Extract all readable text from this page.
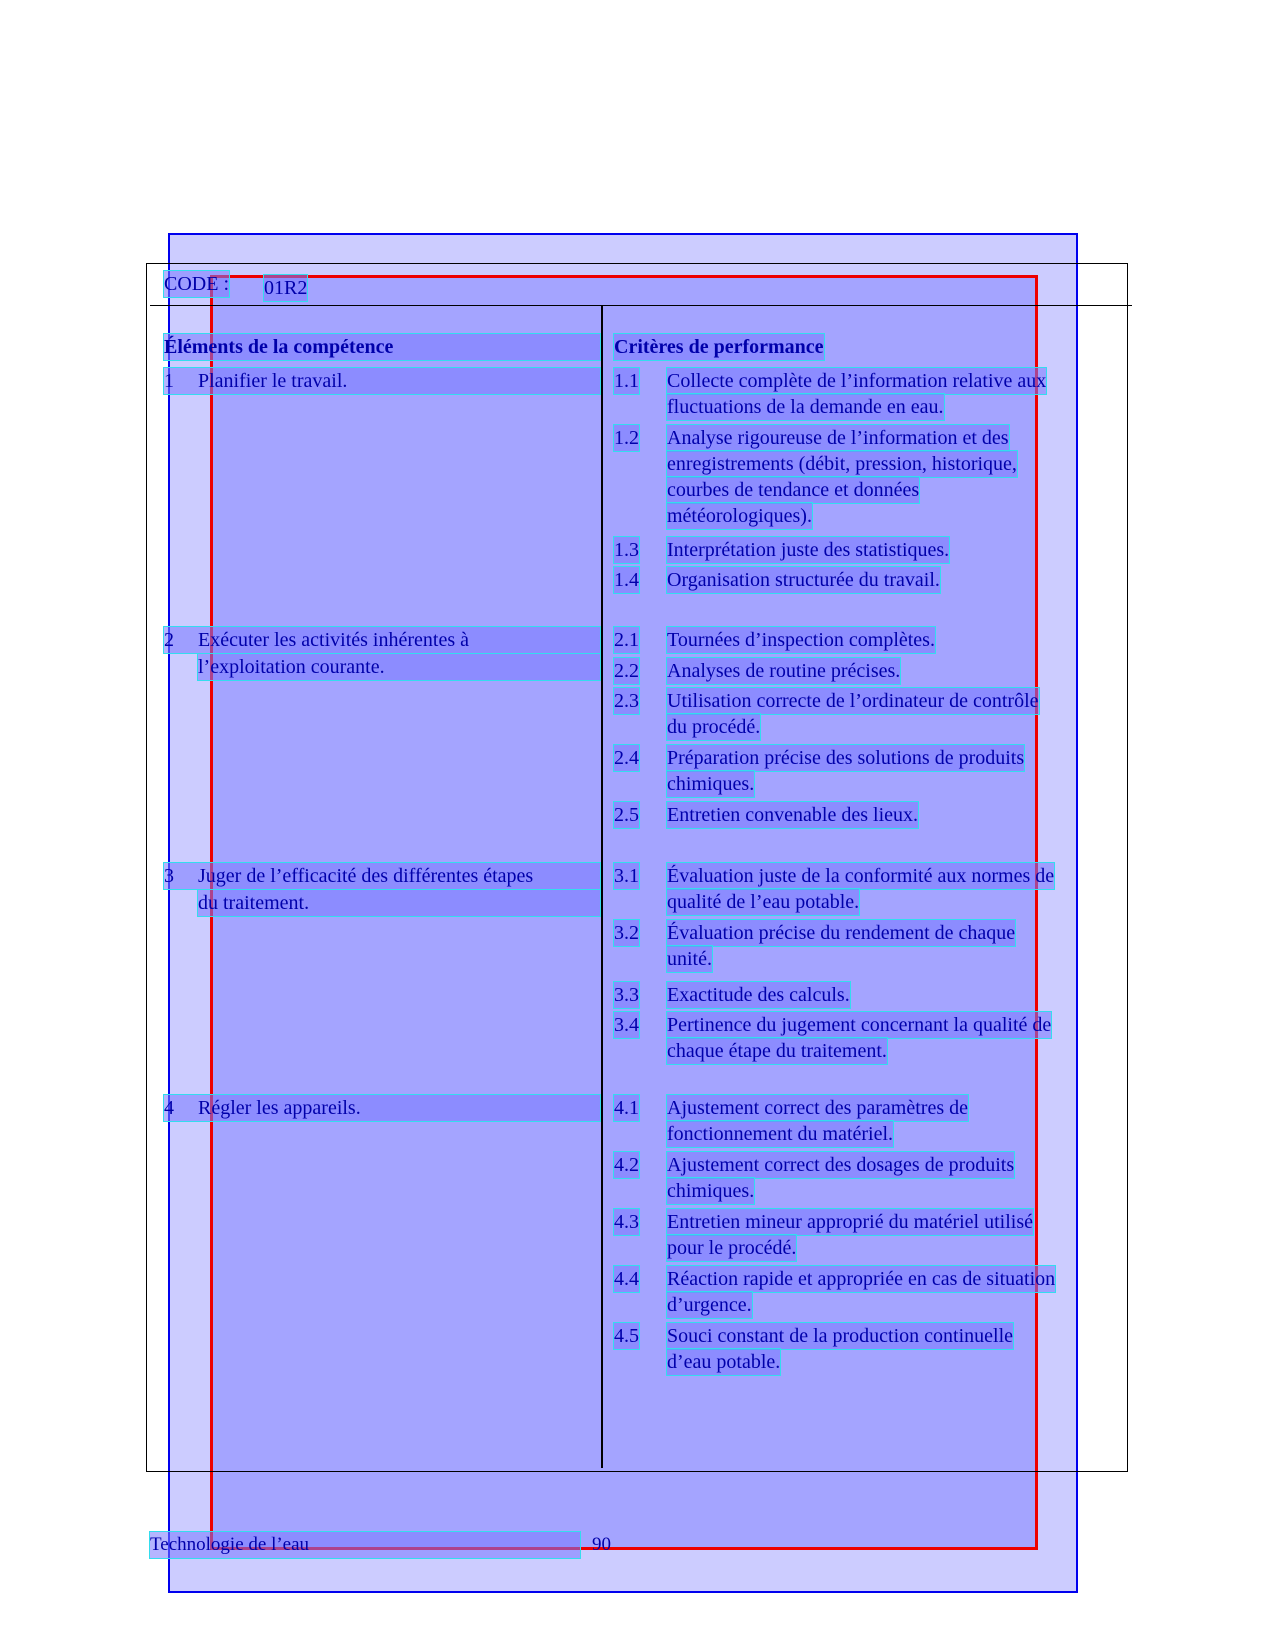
CODE : 01R2
Éléments de la compétence	Critères de performance
1 Planifier le travail.
2 Exécuter les activités inhérentes à
l’exploitation courante.
3 Juger de l’efficacité des différentes étapes
du traitement.
4 Régler les appareils.
1.1 Collecte complète de l’information relative aux
fluctuations de la demande en eau.
1.2 Analyse rigoureuse de l’information et des
enregistrements (débit, pression, historique,
courbes de tendance et données
météorologiques).
1.3 Interprétation juste des statistiques.
1.4 Organisation structurée du travail.
2.1 Tournées d’inspection complètes.
2.2 Analyses de routine précises.
2.3 Utilisation correcte de l’ordinateur de contrôle
du procédé.
2.4 Préparation précise des solutions de produits
chimiques.
2.5 Entretien convenable des lieux.
3.1 Évaluation juste de la conformité aux normes de
qualité de l’eau potable.
3.2 Évaluation précise du rendement de chaque
unité.
3.3 Exactitude des calculs.
3.4 Pertinence du jugement concernant la qualité de
chaque étape du traitement.
4.1 Ajustement correct des paramètres de
fonctionnement du matériel.
4.2 Ajustement correct des dosages de produits
chimiques.
4.3 Entretien mineur approprié du matériel utilisé
pour le procédé.
4.4 Réaction rapide et appropriée en cas de situation
d’urgence.
4.5 Souci constant de la production continuelle
d’eau potable.
Technologie de l’eau	90
